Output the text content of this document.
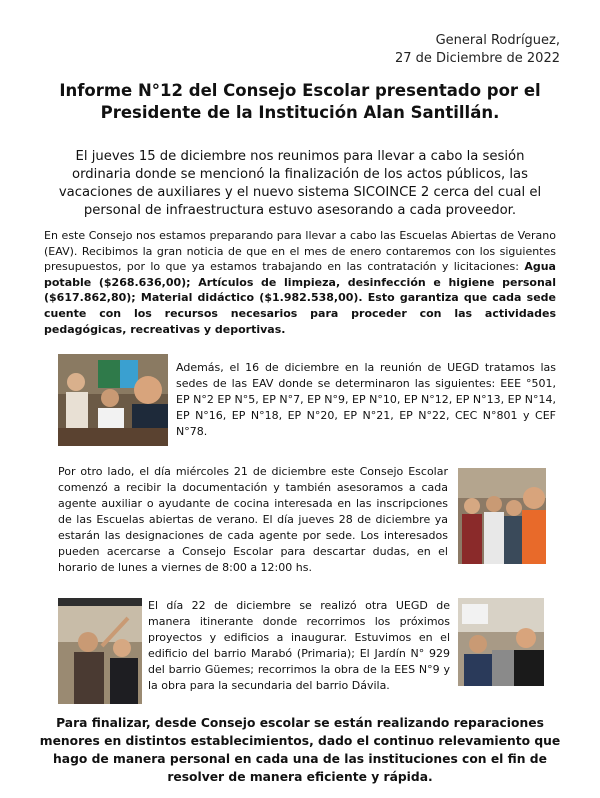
General Rodríguez,
27 de Diciembre de 2022
Informe N°12 del Consejo Escolar presentado por el
Presidente de la Institución Alan Santillán.
El jueves 15 de diciembre nos reunimos para llevar a cabo la sesión ordinaria donde se mencionó la finalización de los actos públicos, las vacaciones de auxiliares y el nuevo sistema SICOINCE 2 cerca del cual el personal de infraestructura estuvo asesorando a cada proveedor.
En este Consejo nos estamos preparando para llevar a cabo las Escuelas Abiertas de Verano (EAV). Recibimos la gran noticia de que en el mes de enero contaremos con los siguientes presupuestos, por lo que ya estamos trabajando en las contratación y licitaciones: Agua potable ($268.636,00); Artículos de limpieza, desinfección e higiene personal ($617.862,80); Material didáctico ($1.982.538,00). Esto garantiza que cada sede cuente con los recursos necesarios para proceder con las actividades pedagógicas, recreativas y deportivas.
Además, el 16 de diciembre en la reunión de UEGD tratamos las sedes de las EAV donde se determinaron las siguientes: EEE °501, EP N°2 EP N°5, EP N°7, EP N°9, EP N°10, EP N°12, EP N°13, EP N°14, EP N°16, EP N°18, EP N°20, EP N°21, EP N°22, CEC N°801 y CEF N°78.
Por otro lado, el día miércoles 21 de diciembre este Consejo Escolar comenzó a recibir la documentación y también asesoramos a cada agente auxiliar o ayudante de cocina interesada en las inscripciones de las Escuelas abiertas de verano. El día jueves 28 de diciembre ya estarán las designaciones de cada agente por sede. Los interesados pueden acercarse a Consejo Escolar para descartar dudas, en el horario de lunes a viernes de 8:00 a 12:00 hs.
El día 22 de diciembre se realizó otra UEGD de manera itinerante donde recorrimos los próximos proyectos y edificios a inaugurar. Estuvimos en el edificio del barrio Marabó (Primaria); El Jardín N° 929 del barrio Güemes; recorrimos la obra de la EES N°9 y la obra para la secundaria del barrio Dávila.
Para finalizar, desde Consejo escolar se están realizando reparaciones menores en distintos establecimientos, dado el continuo relevamiento que hago de manera personal en cada una de las instituciones con el fin de resolver de manera eficiente y rápida.
